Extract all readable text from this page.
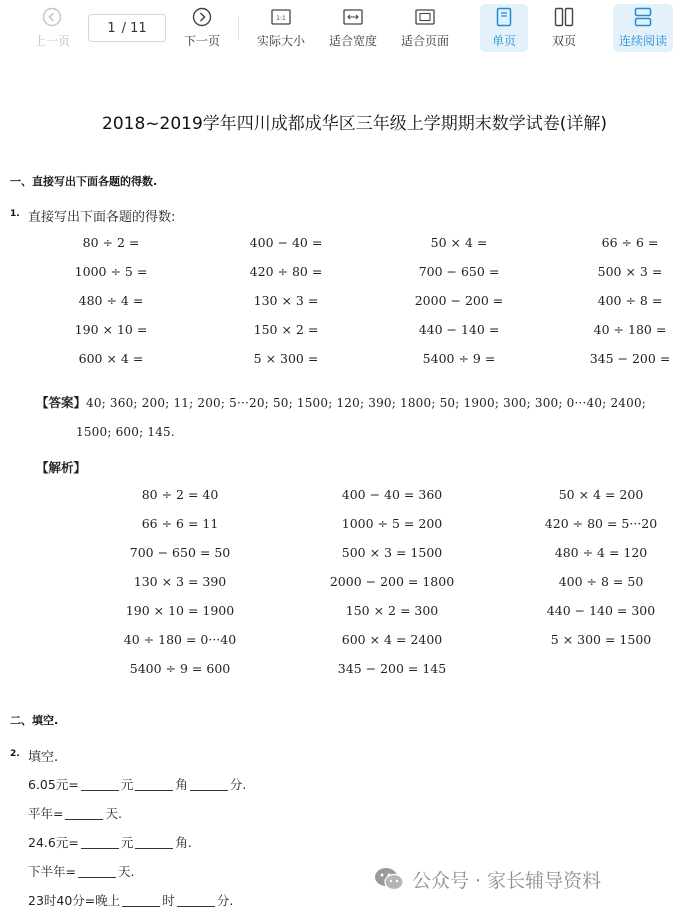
上一页
1 / 11
下一页
1:1
实际大小 适合宽度 适合页面	单页	双页	连续阅读
2018~2019学年四川成都成华区三年级上学期期末数学试卷(详解)
一、直接写出下面各题的得数.
1. 直接写出下面各题的得数:
80 ÷ 2 =	400 − 40 =	50 × 4 =	66 ÷ 6 =
1000 ÷ 5 =	420 ÷ 80 =	700 − 650 =	500 × 3 =
480 ÷ 4 =	130 × 3 =	2000 − 200 =	400 ÷ 8 =
190 × 10 =	150 × 2 =	440 − 140 =	40 ÷ 180 =
600 × 4 =	5 × 300 =	5400 ÷ 9 =	345 − 200 =
【答案】 40; 360; 200; 11; 200; 5···20; 50; 1500; 120; 390; 1800; 50; 1900; 300; 300; 0···40; 2400;
1500; 600; 145.
【解析】
80 ÷ 2 = 40	400 − 40 = 360	50 × 4 = 200
66 ÷ 6 = 11	1000 ÷ 5 = 200	420 ÷ 80 = 5···20
700 − 650 = 50	500 × 3 = 1500	480 ÷ 4 = 120
130 × 3 = 390	2000 − 200 = 1800	400 ÷ 8 = 50
190 × 10 = 1900	150 × 2 = 300	440 − 140 = 300
40 ÷ 180 = 0···40	600 × 4 = 2400	5 × 300 = 1500
5400 ÷ 9 = 600	345 − 200 = 145
二、填空.
2. 填空.
6.05元=	元	角	分.
平年=	天.
24.6元=	元	角.
下半年=	天.
23时40分=晚上	时	分.
公众号 · 家长辅导资料
